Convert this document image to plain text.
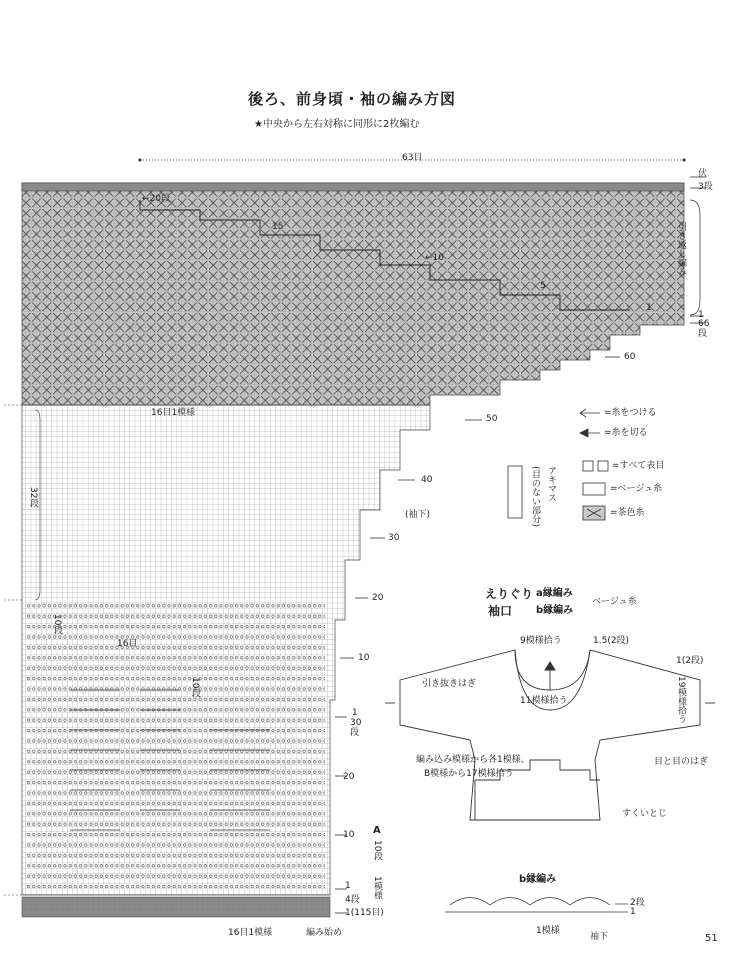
後ろ、前身頃・袖の編み方図
★中央から左右対称に同形に2枚編む
63目
伏
3段
引き返し編み
←20段
15
←10
5
1
60
50
40
30
20
10
1
66
段
1
30
段
20
10
1
4段
1(115目)
16目1模様
16目1模様	編み始め
32段
10段
16目
10段
(袖下)
A
10段
1模様
=糸をつける
=糸を切る
=すべて表目
=ベージュ糸
=茶色糸
アキマス
(目のない部分)
えりぐり
袖口
a縁編み
b縁編み
ベージュ糸
9模様拾う	1.5(2段)
1(2段)
引き抜きはぎ
11模様拾う	19模様拾う
編み込み模様から各1模様、
B模様から17模様拾う
目と目のはぎ
すくいとじ
b縁編み
2段
1
1模様
袖下	51
